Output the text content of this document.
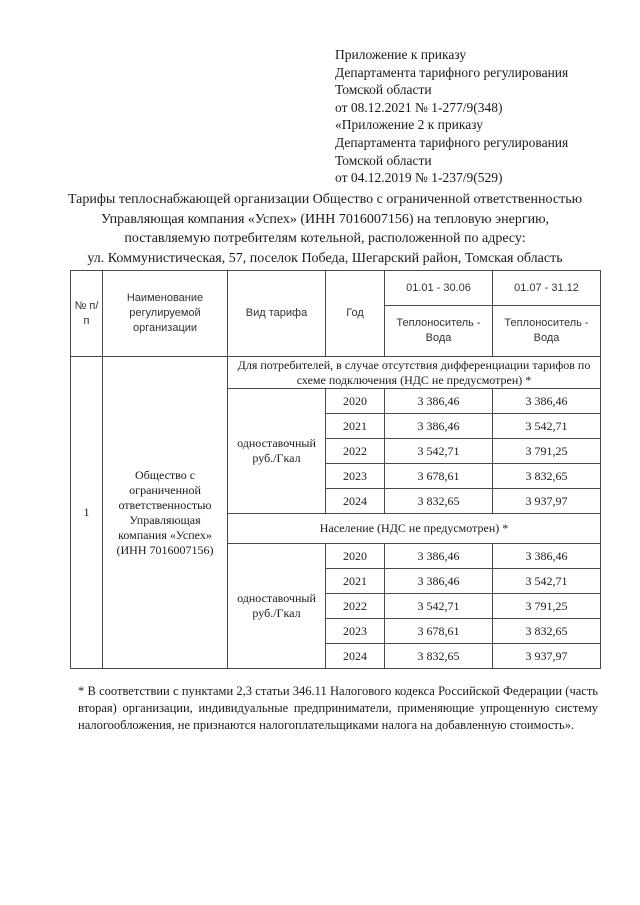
Приложение к приказу
Департамента тарифного регулирования
Томской области
от 08.12.2021 № 1-277/9(348)
«Приложение 2 к приказу
Департамента тарифного регулирования
Томской области
от 04.12.2019 № 1-237/9(529)
Тарифы теплоснабжающей организации Общество с ограниченной ответственностью
Управляющая компания «Успех» (ИНН 7016007156) на тепловую энергию,
поставляемую потребителям котельной, расположенной по адресу:
ул. Коммунистическая, 57, поселок Победа, Шегарский район, Томская область
№ п/п	Наименование регулируемой организации	Вид тарифа	Год	01.01 - 30.06	01.07 - 31.12
				Теплоноситель - Вода	Теплоноситель - Вода
1	Общество с ограниченной ответственностью Управляющая компания «Успех» (ИНН 7016007156)	Для потребителей, в случае отсутствия дифференциации тарифов по схеме подключения (НДС не предусмотрен) *			
		одноставочный руб./Гкал	2020	3 386,46	3 386,46
			2021	3 386,46	3 542,71
			2022	3 542,71	3 791,25
			2023	3 678,61	3 832,65
			2024	3 832,65	3 937,97
		Население (НДС не предусмотрен) *			
		одноставочный руб./Гкал	2020	3 386,46	3 386,46
			2021	3 386,46	3 542,71
			2022	3 542,71	3 791,25
			2023	3 678,61	3 832,65
			2024	3 832,65	3 937,97
* В соответствии с пунктами 2,3 статьи 346.11 Налогового кодекса Российской Федерации (часть вторая) организации, индивидуальные предприниматели, применяющие упрощенную систему налогообложения, не признаются налогоплательщиками налога на добавленную стоимость».
